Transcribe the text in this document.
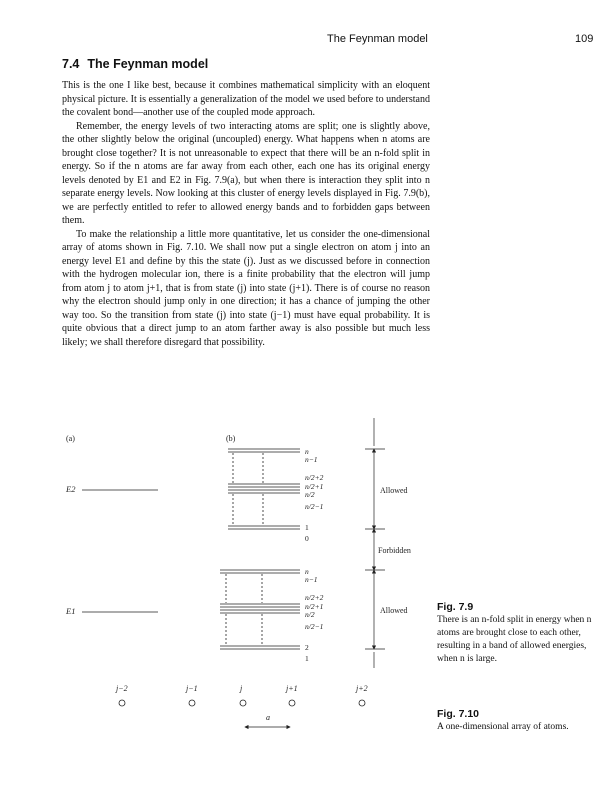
The Feynman model	109
7.4 The Feynman model

This is the one I like best, because it combines mathematical simplicity with an eloquent physical picture. It is essentially a generalization of the model we used before to understand the covalent bond—another use of the coupled mode approach.

Remember, the energy levels of two interacting atoms are split; one is slightly above, the other slightly below the original (uncoupled) energy. What happens when n atoms are brought close together? It is not unreasonable to expect that there will be an n-fold split in energy. So if the n atoms are far away from each other, each one has its original energy levels denoted by E1 and E2 in Fig. 7.9(a), but when there is interaction they split into n separate energy levels. Now looking at this cluster of energy levels displayed in Fig. 7.9(b), we are perfectly entitled to refer to allowed energy bands and to forbidden gaps between them.

To make the relationship a little more quantitative, let us consider the one-dimensional array of atoms shown in Fig. 7.10. We shall now put a single electron on atom j into an energy level E1 and define by this the state (j). Just as we discussed before in connection with the hydrogen molecular ion, there is a finite probability that the electron will jump from atom j to atom j+1, that is from state (j) into state (j+1). There is of course no reason why the electron should jump only in one direction; it has a chance of jumping the other way too. So the transition from state (j) into state (j−1) must have equal probability. It is quite obvious that a direct jump to an atom farther away is also possible but much less likely; we shall therefore disregard that possibility.

(a)	(b)
E2
E1
n
n−1
n/2+2
n/2+1
n/2
n/2−1
1
0
n
n−1
n/2+2
n/2+1
n/2
n/2−1
2
1
Allowed
Forbidden
Allowed
j−2	j−1	j	j+1	j+2
a
Fig. 7.9
There is an n-fold split in energy when n atoms are brought close to each other, resulting in a band of allowed energies, when n is large.
Fig. 7.10
A one-dimensional array of atoms.
